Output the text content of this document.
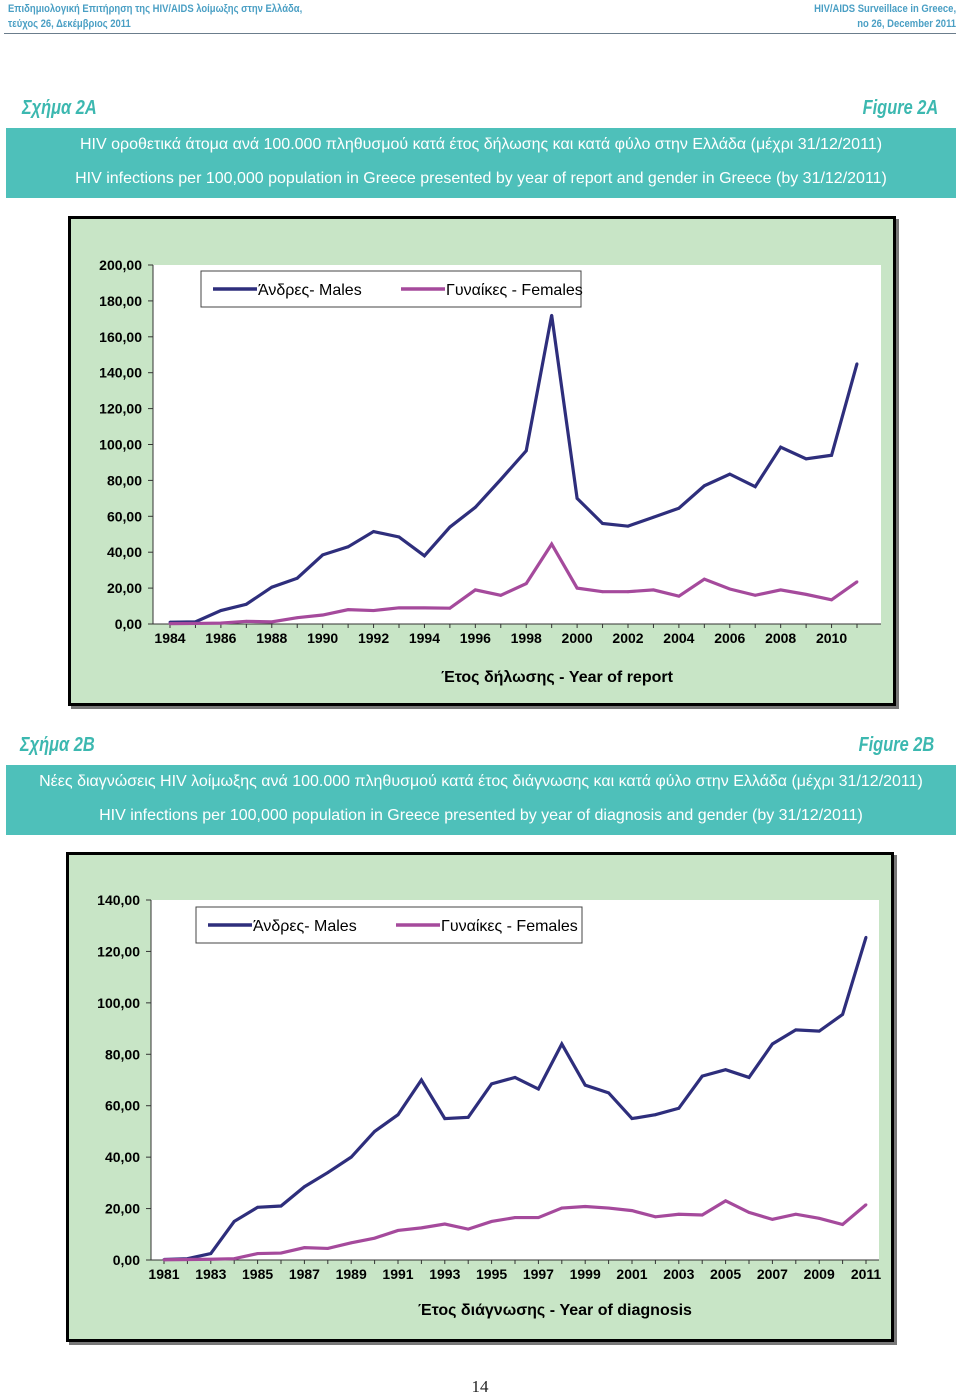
Επιδημιολογική Επιτήρηση της HIV/AIDS λοίμωξης στην Ελλάδα,
τεύχος 26, Δεκέμβριος 2011
HIV/AIDS Surveillace in Greece,
no 26, December 2011
Σχήμα 2A	Figure 2A
HIV οροθετικά άτομα ανά 100.000 πληθυσμού κατά έτος δήλωσης και κατά φύλο στην Ελλάδα (μέχρι 31/12/2011)
HIV infections per 100,000 population in Greece presented by year of report and gender in Greece (by 31/12/2011)
0,00
20,00
40,00
60,00
80,00
100,00
120,00
140,00
160,00
180,00
200,00
1984 1986 1988 1990 1992 1994 1996 1998 2000 2002 2004 2006 2008 2010
Έτος δήλωσης - Year of report
Άνδρες- Males	Γυναίκες - Females
Σχήμα 2B	Figure 2B
Νέες διαγνώσεις HIV λοίμωξης ανά 100.000 πληθυσμού κατά έτος διάγνωσης και κατά φύλο στην Ελλάδα (μέχρι 31/12/2011)
HIV infections per 100,000 population in Greece presented by year of diagnosis and gender (by 31/12/2011)
0,00
20,00
40,00
60,00
80,00
100,00
120,00
140,00
1981 1983 1985 1987 1989 1991 1993 1995 1997 1999 2001 2003 2005 2007 2009 2011
Έτος διάγνωσης - Year of diagnosis
Άνδρες- Males	Γυναίκες - Females
14
